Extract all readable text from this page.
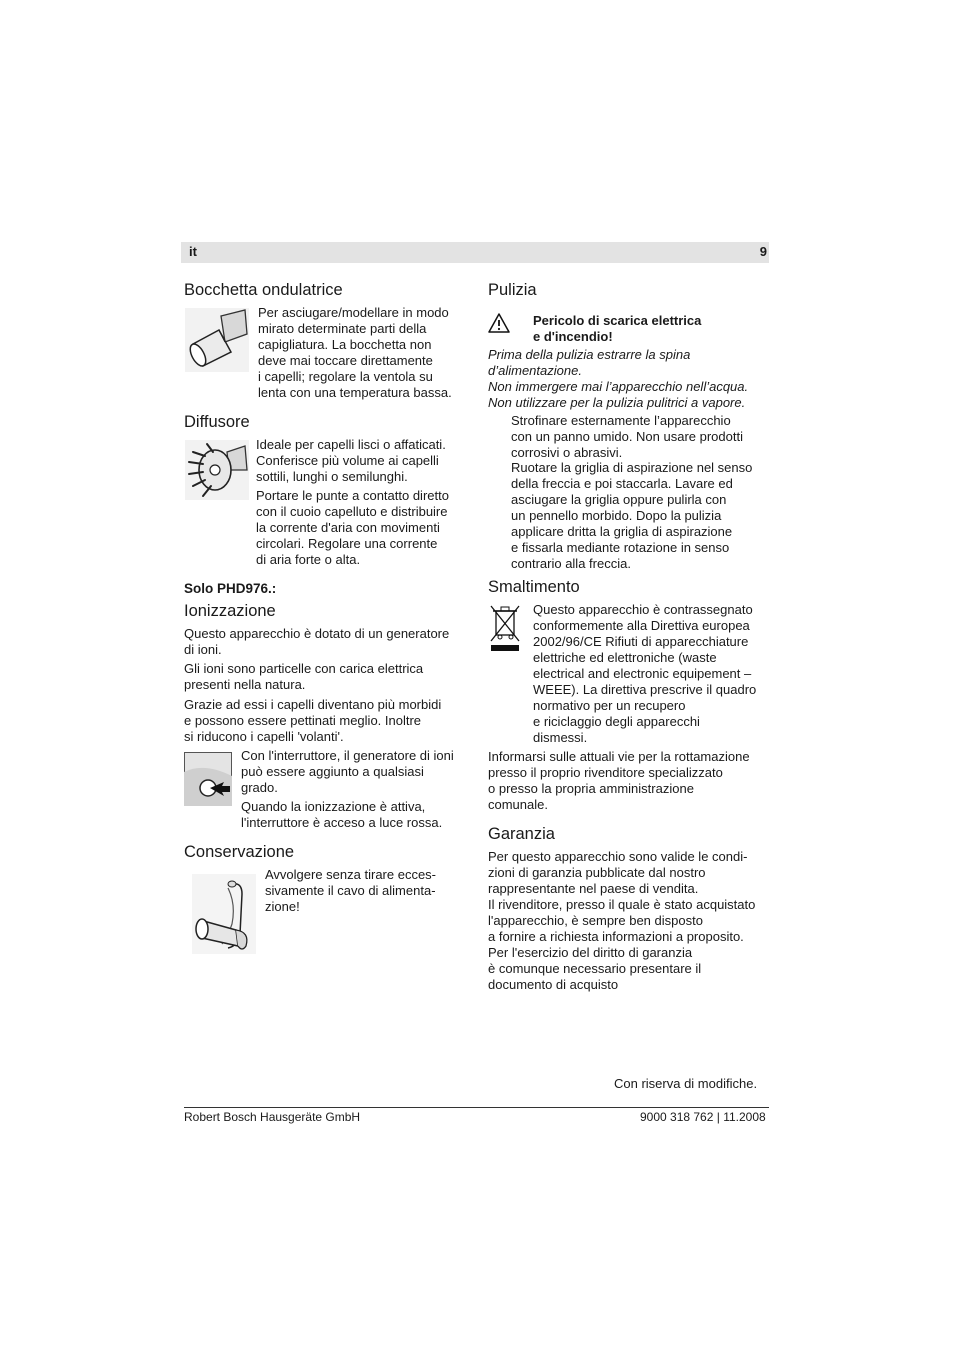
it	9
Bocchetta ondulatrice

Per asciugare/modellare in modo
mirato determinate parti della
capigliatura. La bocchetta non
deve mai toccare direttamente
i capelli; regolare la ventola su
lenta con una temperatura bassa.

Diffusore

Ideale per capelli lisci o affaticati.
Conferisce più volume ai capelli
sottili, lunghi o semilunghi.

Portare le punte a contatto diretto
con il cuoio capelluto e distribuire
la corrente d'aria con movimenti
circolari. Regolare una corrente
di aria forte o alta.

Solo PHD976.:
Ionizzazione

Questo apparecchio è dotato di un generatore
di ioni.

Gli ioni sono particelle con carica elettrica
presenti nella natura.

Grazie ad essi i capelli diventano più morbidi
e possono essere pettinati meglio. Inoltre
si riducono i capelli 'volanti'.

Con l'interruttore, il generatore di ioni
può essere aggiunto a qualsiasi
grado.

Quando la ionizzazione è attiva,
l'interruttore è acceso a luce rossa.

Conservazione

Avvolgere senza tirare ecces-
sivamente il cavo di alimenta-
zione!

Pulizia

Pericolo di scarica elettrica
e d'incendio!

Prima della pulizia estrarre la spina
d’alimentazione.
Non immergere mai l’apparecchio nell’acqua.
Non utilizzare per la pulizia pulitrici a vapore.

Strofinare esternamente l’apparecchio
con un panno umido. Non usare prodotti
corrosivi o abrasivi.

Ruotare la griglia di aspirazione nel senso
della freccia e poi staccarla. Lavare ed
asciugare la griglia oppure pulirla con
un pennello morbido. Dopo la pulizia
applicare dritta la griglia di aspirazione
e fissarla mediante rotazione in senso
contrario alla freccia.

Smaltimento

Questo apparecchio è contrassegnato
conformemente alla Direttiva europea
2002/96/CE Rifiuti di apparecchiature
elettriche ed elettroniche (waste
electrical and electronic equipement –
WEEE). La direttiva prescrive il quadro
normativo per un recupero
e riciclaggio degli apparecchi
dismessi.

Informarsi sulle attuali vie per la rottamazione
presso il proprio rivenditore specializzato
o presso la propria amministrazione
comunale.

Garanzia

Per questo apparecchio sono valide le condi-
zioni di garanzia pubblicate dal nostro
rappresentante nel paese di vendita.
Il rivenditore, presso il quale è stato acquistato
l'apparecchio, è sempre ben disposto
a fornire a richiesta informazioni a proposito.
Per l'esercizio del diritto di garanzia
è comunque necessario presentare il
documento di acquisto

Con riserva di modifiche.
Robert Bosch Hausgeräte GmbH	9000 318 762 | 11.2008
